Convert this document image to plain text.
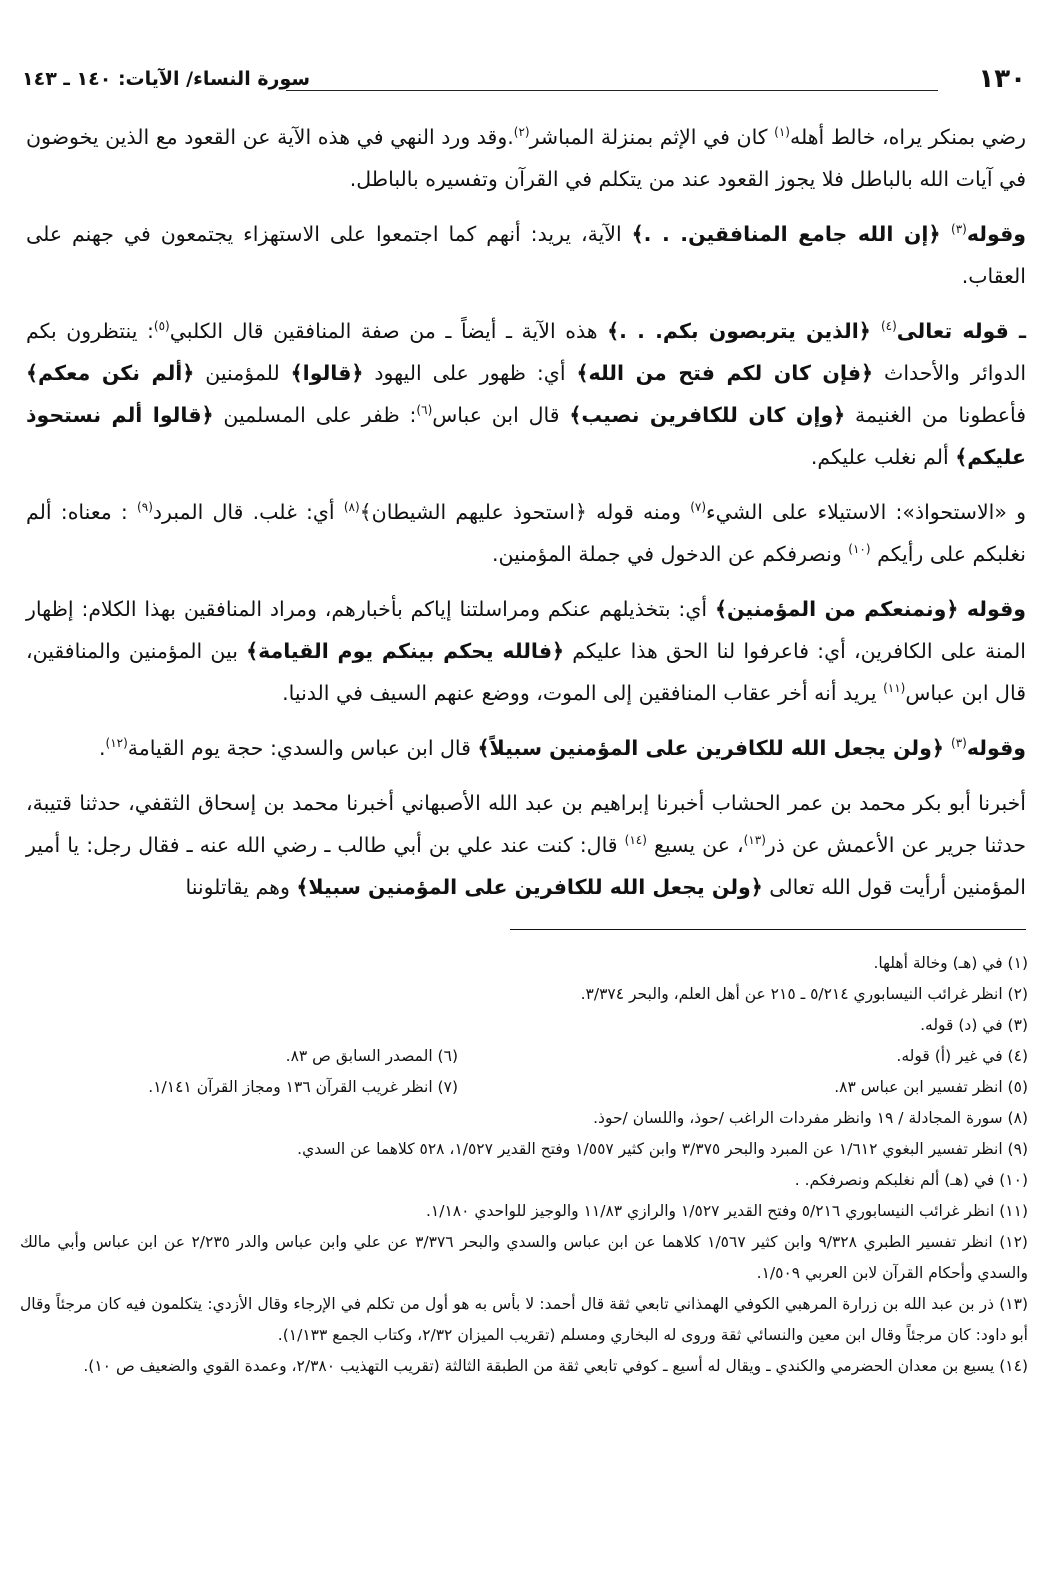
١٣٠
سورة النساء/ الآيات: ١٤٠ ـ ١٤٣

رضي بمنكر يراه، خالط أهله$^{(١)}$ كان في الإثم بمنزلة المباشر$^{(٢)}$.وقد ورد النهي في هذه الآية عن القعود مع الذين يخوضون في آيات الله بالباطل فلا يجوز القعود عند من يتكلم في القرآن وتفسيره بالباطل.

وقوله$^{(٣)}$ ﴿إن الله جامع المنافقين. . .﴾ الآية، يريد: أنهم كما اجتمعوا على الاستهزاء يجتمعون في جهنم على العقاب.

ـ قوله تعالى$^{(٤)}$ ﴿الذين يتربصون بكم. . .﴾ هذه الآية ـ أيضاً ـ من صفة المنافقين قال الكلبي$^{(٥)}$: ينتظرون بكم الدوائر والأحداث ﴿فإن كان لكم فتح من الله﴾ أي: ظهور على اليهود ﴿قالوا﴾ للمؤمنين ﴿ألم نكن معكم﴾ فأعطونا من الغنيمة ﴿وإن كان للكافرين نصيب﴾ قال ابن عباس$^{(٦)}$: ظفر على المسلمين ﴿قالوا ألم نستحوذ عليكم﴾ ألم نغلب عليكم.

و «الاستحواذ»: الاستيلاء على الشيء$^{(٧)}$ ومنه قوله ﴿استحوذ عليهم الشيطان﴾$^{(٨)}$ أي: غلب. قال المبرد$^{(٩)}$ : معناه: ألم نغلبكم على رأيكم $^{(١٠)}$ ونصرفكم عن الدخول في جملة المؤمنين.

وقوله ﴿ونمنعكم من المؤمنين﴾ أي: بتخذيلهم عنكم ومراسلتنا إياكم بأخبارهم، ومراد المنافقين بهذا الكلام: إظهار المنة على الكافرين، أي: فاعرفوا لنا الحق هذا عليكم ﴿فالله يحكم بينكم يوم القيامة﴾ بين المؤمنين والمنافقين، قال ابن عباس$^{(١١)}$ يريد أنه أخر عقاب المنافقين إلى الموت، ووضع عنهم السيف في الدنيا.

وقوله$^{(٣)}$ ﴿ولن يجعل الله للكافرين على المؤمنين سبيلاً﴾ قال ابن عباس والسدي: حجة يوم القيامة$^{(١٢)}$.

أخبرنا أبو بكر محمد بن عمر الحشاب أخبرنا إبراهيم بن عبد الله الأصبهاني أخبرنا محمد بن إسحاق الثقفي، حدثنا قتيبة، حدثنا جرير عن الأعمش عن ذر$^{(١٣)}$، عن يسيع $^{(١٤)}$ قال: كنت عند علي بن أبي طالب ـ رضي الله عنه ـ فقال رجل: يا أمير المؤمنين أرأيت قول الله تعالى ﴿ولن يجعل الله للكافرين على المؤمنين سبيلا﴾ وهم يقاتلوننا

(١) في (هـ) وخالة أهلها.

(٢) انظر غرائب النيسابوري ٥/٢١٤ ـ ٢١٥ عن أهل العلم، والبحر ٣/٣٧٤.

(٣) في (د) قوله.

(٤) في غير (أ) قوله.

(٦) المصدر السابق ص ٨٣.

(٥) انظر تفسير ابن عباس ٨٣.

(٧) انظر غريب القرآن ١٣٦ ومجاز القرآن ١/١٤١.

(٨) سورة المجادلة / ١٩ وانظر مفردات الراغب /حوذ، واللسان /حوذ.

(٩) انظر تفسير البغوي ١/٦١٢ عن المبرد والبحر ٣/٣٧٥ وابن كثير ١/٥٥٧ وفتح القدير ١/٥٢٧، ٥٢٨ كلاهما عن السدي.

(١٠) في (هـ) ألم نغلبكم ونصرفكم. .

(١١) انظر غرائب النيسابوري ٥/٢١٦ وفتح القدير ١/٥٢٧ والرازي ١١/٨٣ والوجيز للواحدي ١/١٨٠.

(١٢) انظر تفسير الطبري ٩/٣٢٨ وابن كثير ١/٥٦٧ كلاهما عن ابن عباس والسدي والبحر ٣/٣٧٦ عن علي وابن عباس والدر ٢/٢٣٥ عن ابن عباس وأبي مالك والسدي وأحكام القرآن لابن العربي ١/٥٠٩.

(١٣) ذر بن عبد الله بن زرارة المرهبي الكوفي الهمذاني تابعي ثقة قال أحمد: لا بأس به هو أول من تكلم في الإرجاء وقال الأزدي: يتكلمون فيه كان مرجئاً وقال أبو داود: كان مرجئاً وقال ابن معين والنسائي ثقة وروى له البخاري ومسلم (تقريب الميزان ٢/٣٢، وكتاب الجمع ١/١٣٣).

(١٤) يسيع بن معدان الحضرمي والكندي ـ ويقال له أسيع ـ كوفي تابعي ثقة من الطبقة الثالثة (تقريب التهذيب ٢/٣٨٠، وعمدة القوي والضعيف ص ١٠).
